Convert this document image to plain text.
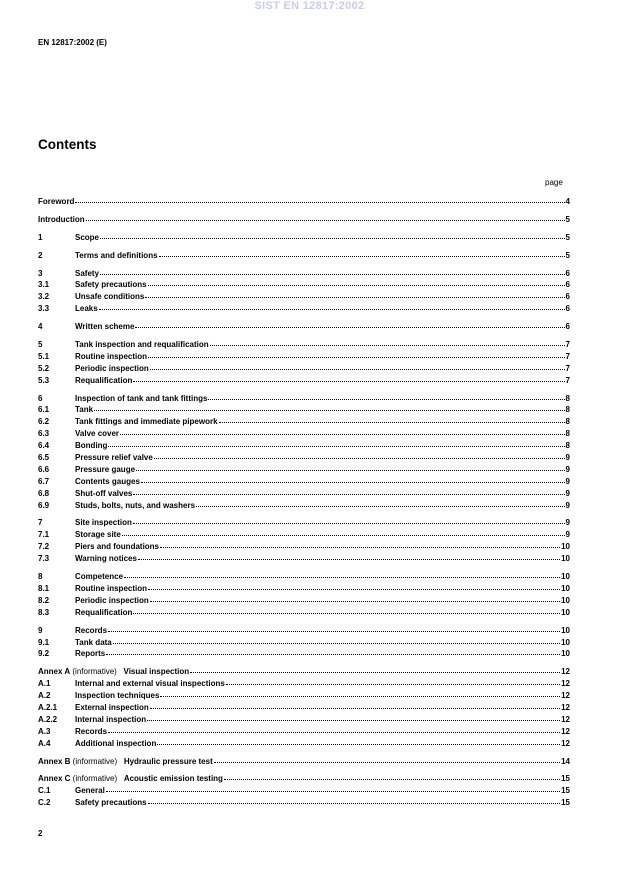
SIST EN 12817:2002
EN 12817:2002 (E)
Contents
page
Foreword	4
Introduction	5
1	Scope	5
2	Terms and definitions	5
3	Safety	6
3.1	Safety precautions	6
3.2	Unsafe conditions	6
3.3	Leaks	6
4	Written scheme	6
5	Tank inspection and requalification	7
5.1	Routine inspection	7
5.2	Periodic inspection	7
5.3	Requalification	7
6	Inspection of tank and tank fittings	8
6.1	Tank	8
6.2	Tank fittings and immediate pipework	8
6.3	Valve cover	8
6.4	Bonding	8
6.5	Pressure relief valve	9
6.6	Pressure gauge	9
6.7	Contents gauges	9
6.8	Shut-off valves	9
6.9	Studs, bolts, nuts, and washers	9
7	Site inspection	9
7.1	Storage site	9
7.2	Piers and foundations	10
7.3	Warning notices	10
8	Competence	10
8.1	Routine inspection	10
8.2	Periodic inspection	10
8.3	Requalification	10
9	Records	10
9.1	Tank data	10
9.2	Reports	10
Annex A (informative) Visual inspection	12
A.1	Internal and external visual inspections	12
A.2	Inspection techniques	12
A.2.1	External inspection	12
A.2.2	Internal inspection	12
A.3	Records	12
A.4	Additional inspection	12
Annex B (informative) Hydraulic pressure test	14
Annex C (informative) Acoustic emission testing	15
C.1	General	15
C.2	Safety precautions	15
2
